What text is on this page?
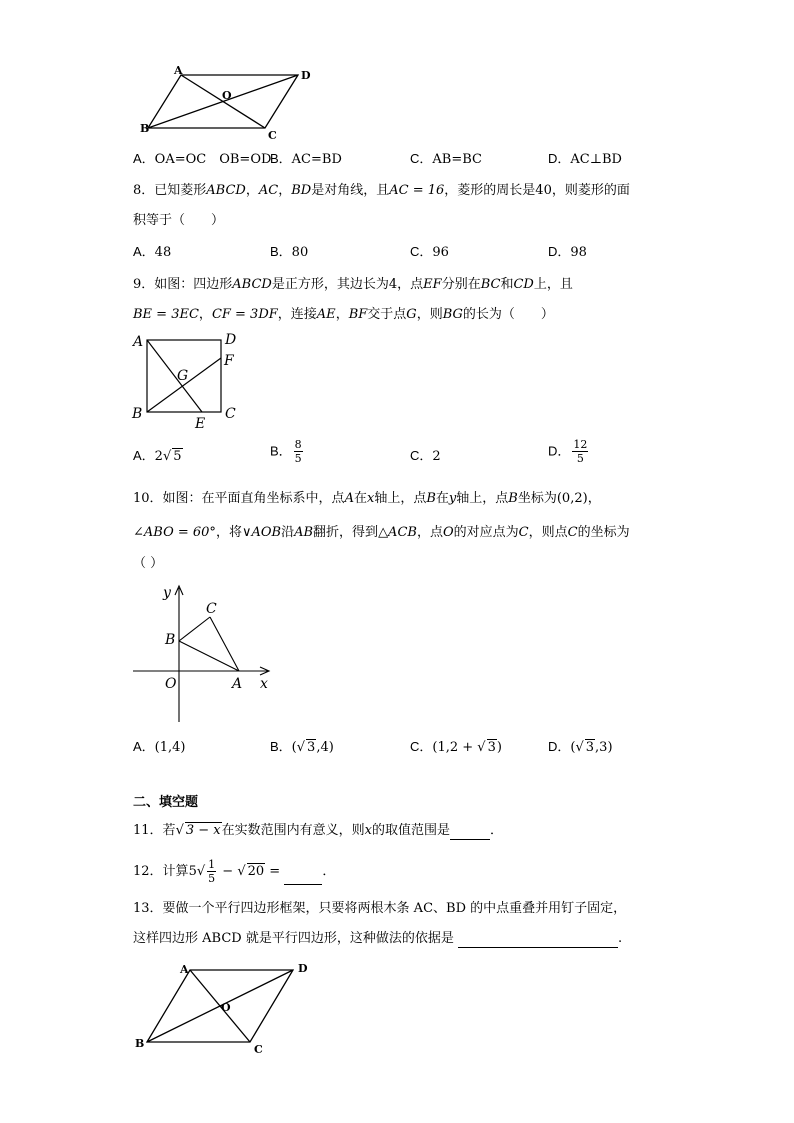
A	D
O
B
C
A．OA=OC　OB=OD
B．AC=BD	C．AB=BC	D．AC⊥BD
8．已知菱形ABCD，AC，BD是对角线，且AC = 16，菱形的周长是40，则菱形的面
积等于（　　）
A．48	B．80	C．96	D．98
9．如图：四边形ABCD是正方形，其边长为4，点EF分别在BC和CD上，且
BE = 3EC，CF = 3DF，连接AE，BF交于点G，则BG的长为（　　）
A	D
F
G
B	C
E
A．2√ 5	B． $\frac{8}{5}$	C．2	D． $\frac{12}{5}$
10．如图：在平面直角坐标系中，点A在x轴上，点B在y轴上，点B坐标为(0,2)，
∠ABO = 60°，将∨AOB沿AB翻折，得到△ACB，点O的对应点为C，则点C的坐标为
（ ）
y
x
C
B
O	A
A．(1,4)	B．(√ 3,4)	C．(1,2 + √ 3)	D．(√ 3,3)
二、填空题
11．若√ 3 − x在实数范围内有意义，则x的取值范围是	．
12．计算$5√ \frac{1}{5}$ − √ 20 =	．
13．要做一个平行四边形框架，只要将两根木条 AC、BD 的中点重叠并用钉子固定，
这样四边形 ABCD 就是平行四边形，这种做法的依据是	.
A	D
O
B	C
